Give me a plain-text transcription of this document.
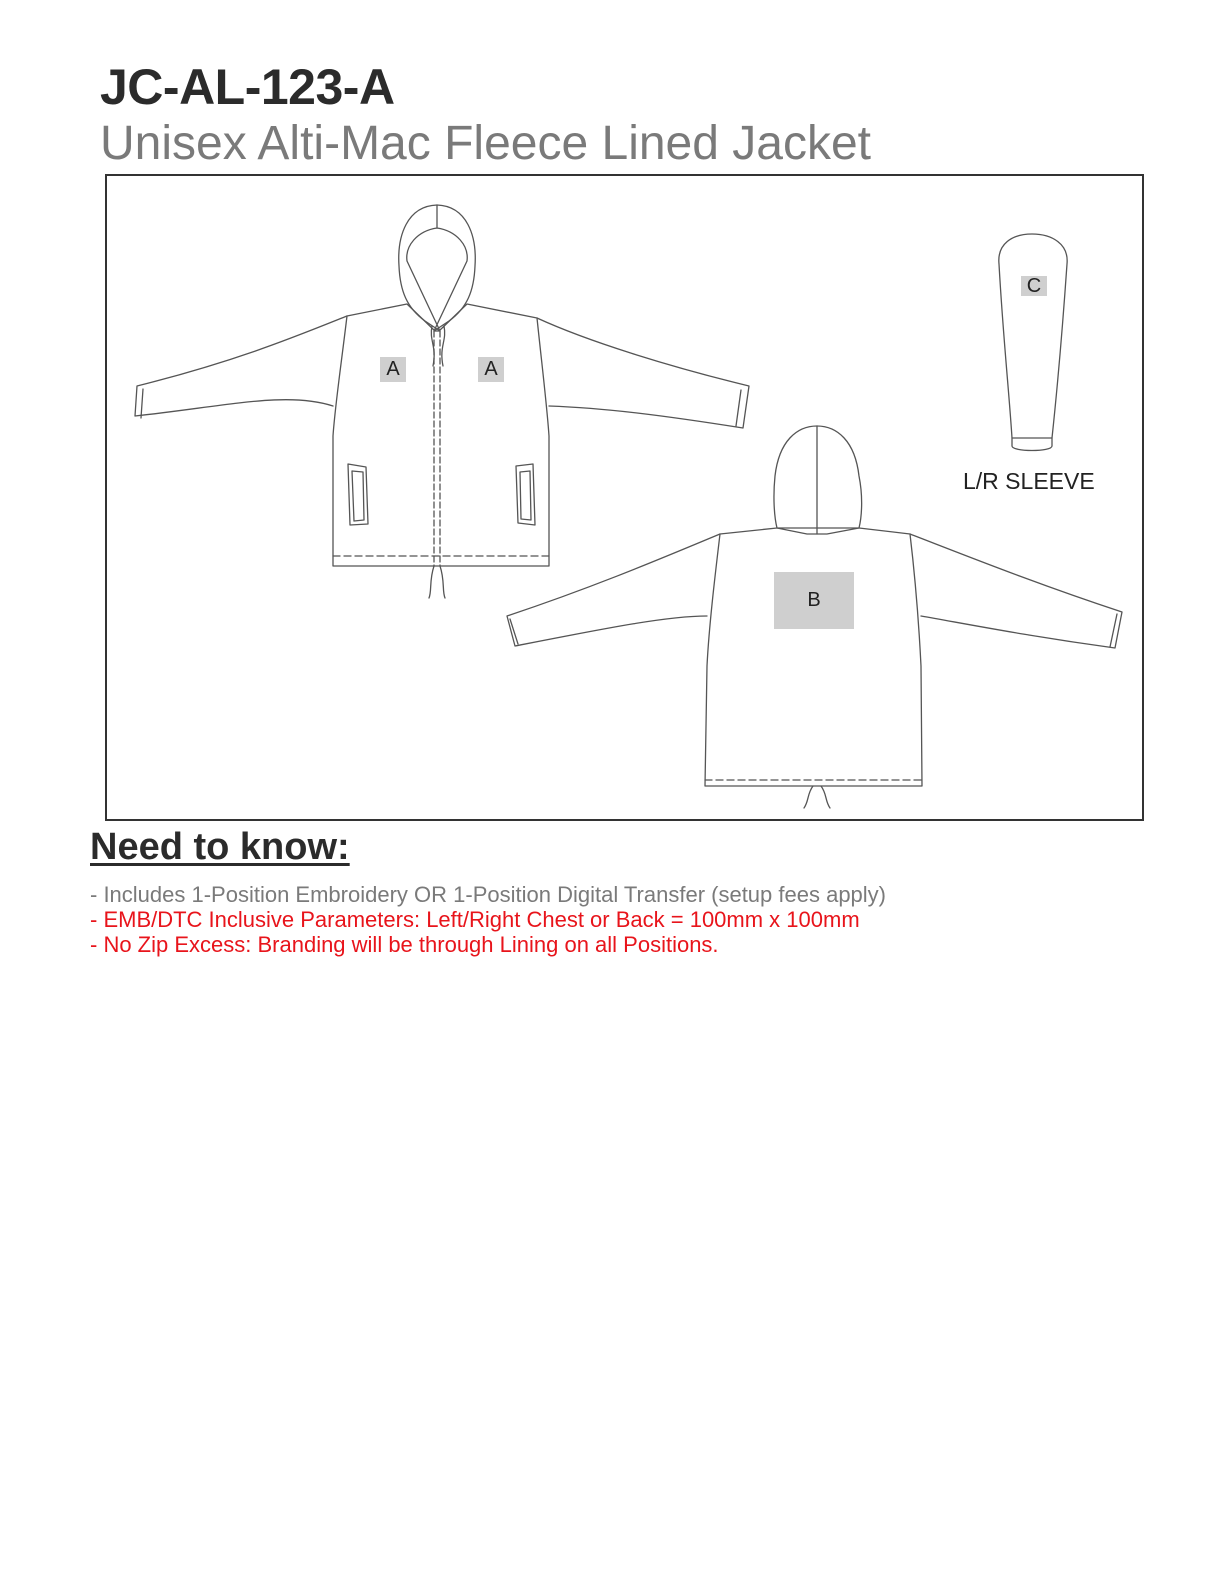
JC-AL-123-A
Unisex Alti-Mac Fleece Lined Jacket
A	A
B
C
L/R SLEEVE
Need to know:
- Includes 1-Position Embroidery OR 1-Position Digital Transfer (setup fees apply)
- EMB/DTC Inclusive Parameters: Left/Right Chest or Back = 100mm x 100mm
- No Zip Excess: Branding will be through Lining on all Positions.
